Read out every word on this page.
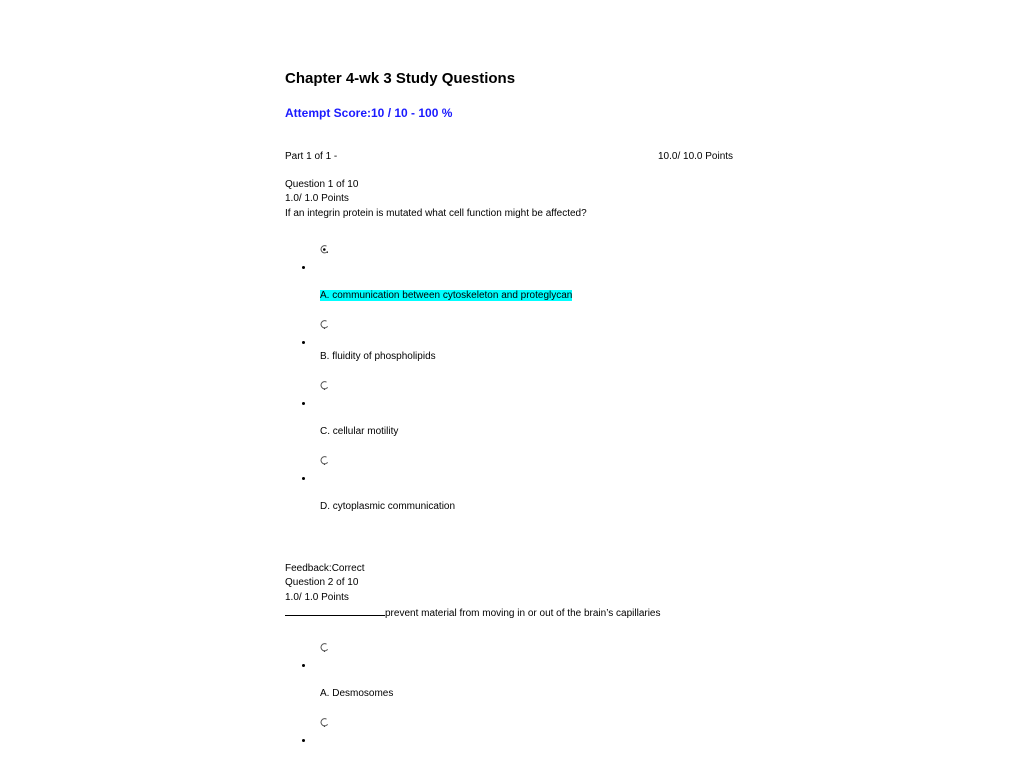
Chapter 4-wk 3 Study Questions
Attempt Score:10 / 10 - 100 %
Part 1 of 1 -	10.0/ 10.0 Points
Question 1 of 10
1.0/ 1.0 Points
If an integrin protein is mutated what cell function might be affected?
A. communication between cytoskeleton and proteglycan
B. fluidity of phospholipids
C. cellular motility
D. cytoplasmic communication
Feedback:Correct
Question 2 of 10
1.0/ 1.0 Points
prevent material from moving in or out of the brain’s capillaries
A. Desmosomes
